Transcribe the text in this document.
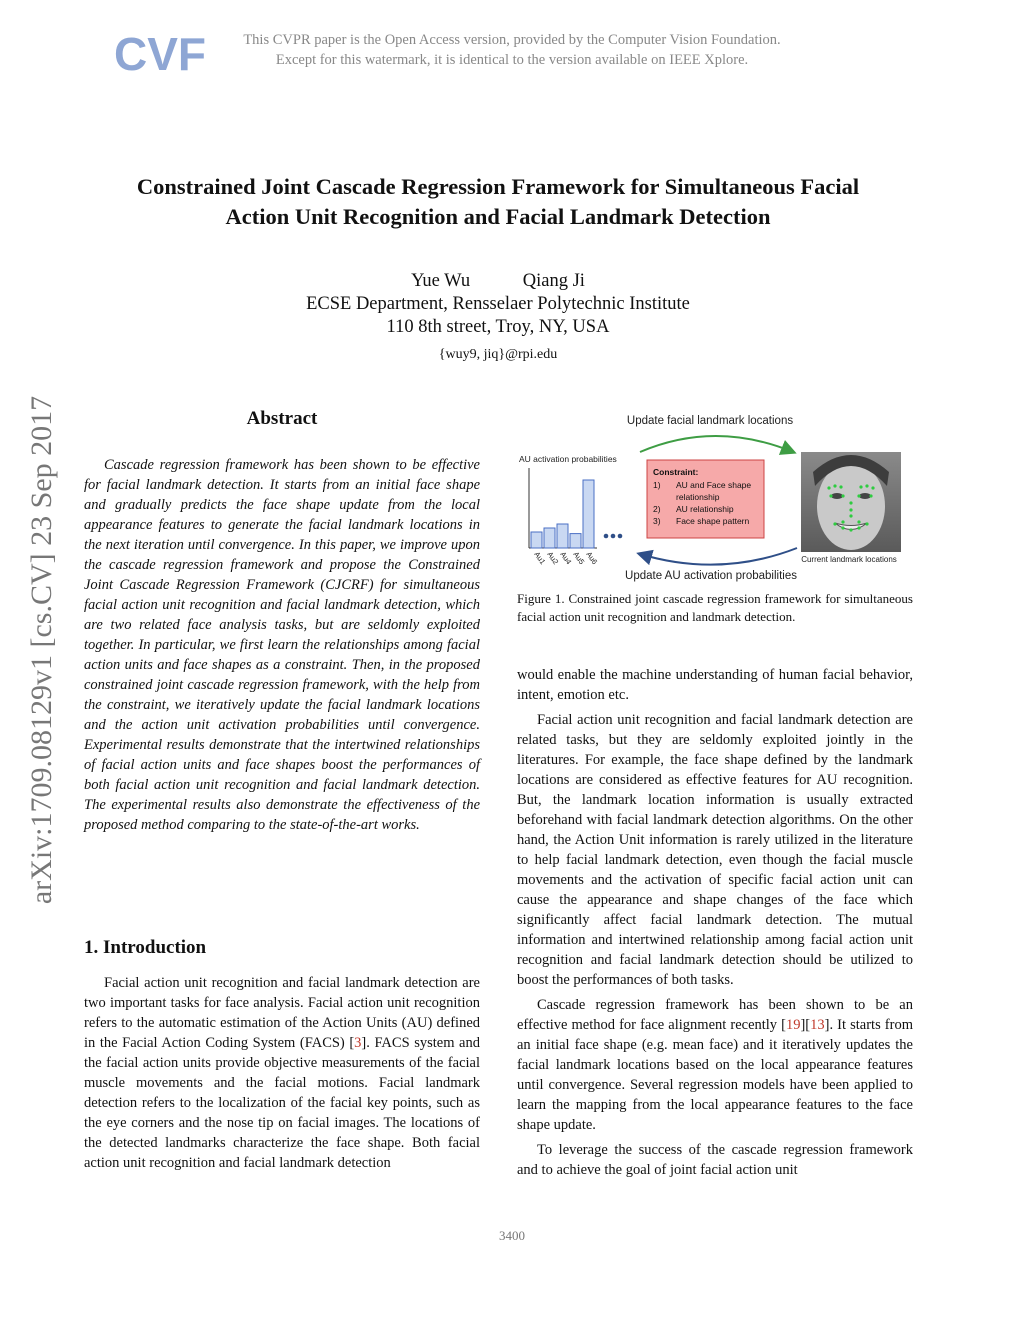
CVF	This CVPR paper is the Open Access version, provided by the Computer Vision Foundation.
Except for this watermark, it is identical to the version available on IEEE Xplore.
arXiv:1709.08129v1 [cs.CV] 23 Sep 2017
Constrained Joint Cascade Regression Framework for Simultaneous Facial
Action Unit Recognition and Facial Landmark Detection
Yue Wu	Qiang Ji
ECSE Department, Rensselaer Polytechnic Institute
110 8th street, Troy, NY, USA
{wuy9, jiq}@rpi.edu
Abstract
Cascade regression framework has been shown to be effective for facial landmark detection. It starts from an initial face shape and gradually predicts the face shape update from the local appearance features to generate the facial landmark locations in the next iteration until convergence. In this paper, we improve upon the cascade regression framework and propose the Constrained Joint Cascade Regression Framework (CJCRF) for simultaneous facial action unit recognition and facial landmark detection, which are two related face analysis tasks, but are seldomly exploited together. In particular, we first learn the relationships among facial action units and face shapes as a constraint. Then, in the proposed constrained joint cascade regression framework, with the help from the constraint, we iteratively update the facial landmark locations and the action unit activation probabilities until convergence. Experimental results demonstrate that the intertwined relationships of facial action units and face shapes boost the performances of both facial action unit recognition and facial landmark detection. The experimental results also demonstrate the effectiveness of the proposed method comparing to the state-of-the-art works.
1. Introduction
Facial action unit recognition and facial landmark detection are two important tasks for face analysis. Facial action unit recognition refers to the automatic estimation of the Action Units (AU) defined in the Facial Action Coding System (FACS) [3]. FACS system and the facial action units provide objective measurements of the facial muscle movements and the facial motions. Facial landmark detection refers to the localization of the facial key points, such as the eye corners and the nose tip on facial images. The locations of the detected landmarks characterize the face shape. Both facial action unit recognition and facial landmark detection
Update facial landmark locations
AU activation probabilities
Au1
Au2
Au4
Au5
Au6
Constraint:
1) AU and Face shape
relationship
2) AU relationship
3) Face shape pattern
Update AU activation probabilities
Current landmark locations
Figure 1. Constrained joint cascade regression framework for simultaneous facial action unit recognition and landmark detection.

would enable the machine understanding of human facial behavior, intent, emotion etc.

Facial action unit recognition and facial landmark detection are related tasks, but they are seldomly exploited jointly in the literatures. For example, the face shape defined by the landmark locations are considered as effective features for AU recognition. But, the landmark location information is usually extracted beforehand with facial landmark detection algorithms. On the other hand, the Action Unit information is rarely utilized in the literature to help facial landmark detection, even though the facial muscle movements and the activation of specific facial action unit can cause the appearance and shape changes of the face which significantly affect facial landmark detection. The mutual information and intertwined relationship among facial action unit recognition and facial landmark detection should be utilized to boost the performances of both tasks.

Cascade regression framework has been shown to be an effective method for face alignment recently [19][13]. It starts from an initial face shape (e.g. mean face) and it iteratively updates the facial landmark locations based on the local appearance features until convergence. Several regression models have been applied to learn the mapping from the local appearance features to the face shape update.

To leverage the success of the cascade regression framework and to achieve the goal of joint facial action unit

3400
